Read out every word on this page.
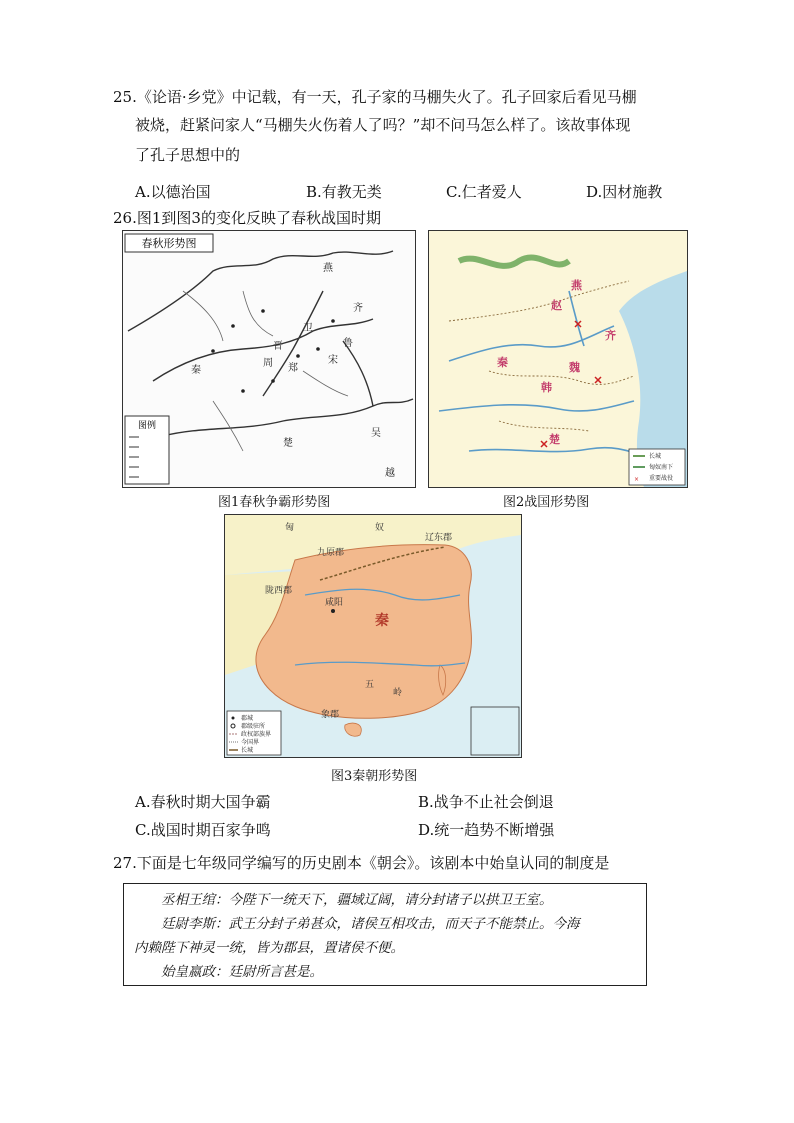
25.《论语·乡党》中记载，有一天，孔子家的马棚失火了。孔子回家后看见马棚
被烧，赶紧问家人“马棚失火伤着人了吗？”却不问马怎么样了。该故事体现
了孔子思想中的
A.以德治国	B.有教无类	C.仁者爱人	D.因材施教
26.图1到图3的变化反映了春秋战国时期
春秋形势图
秦
晋
齐
楚
吴
宋
郑
卫
鲁
燕
越
周
图例
图1春秋争霸形势图
燕
赵
齐
秦
韩
魏
楚
长城
匈奴南下
× 重要战役
图2战国形势图
匈	奴
辽东郡
九原郡
陇西郡
咸阳
秦
五
岭
象郡
郡城
郡级驻所
政权部族界
今国界
长城
图3秦朝形势图
A.春秋时期大国争霸	B.战争不止社会倒退
C.战国时期百家争鸣	D.统一趋势不断增强
27.下面是七年级同学编写的历史剧本《朝会》。该剧本中始皇认同的制度是

丞相王绾：今陛下一统天下，疆域辽阔，请分封诸子以拱卫王室。

廷尉李斯：武王分封子弟甚众，诸侯互相攻击，而天子不能禁止。今海

内赖陛下神灵一统，皆为郡县，置诸侯不便。

始皇嬴政：廷尉所言甚是。
